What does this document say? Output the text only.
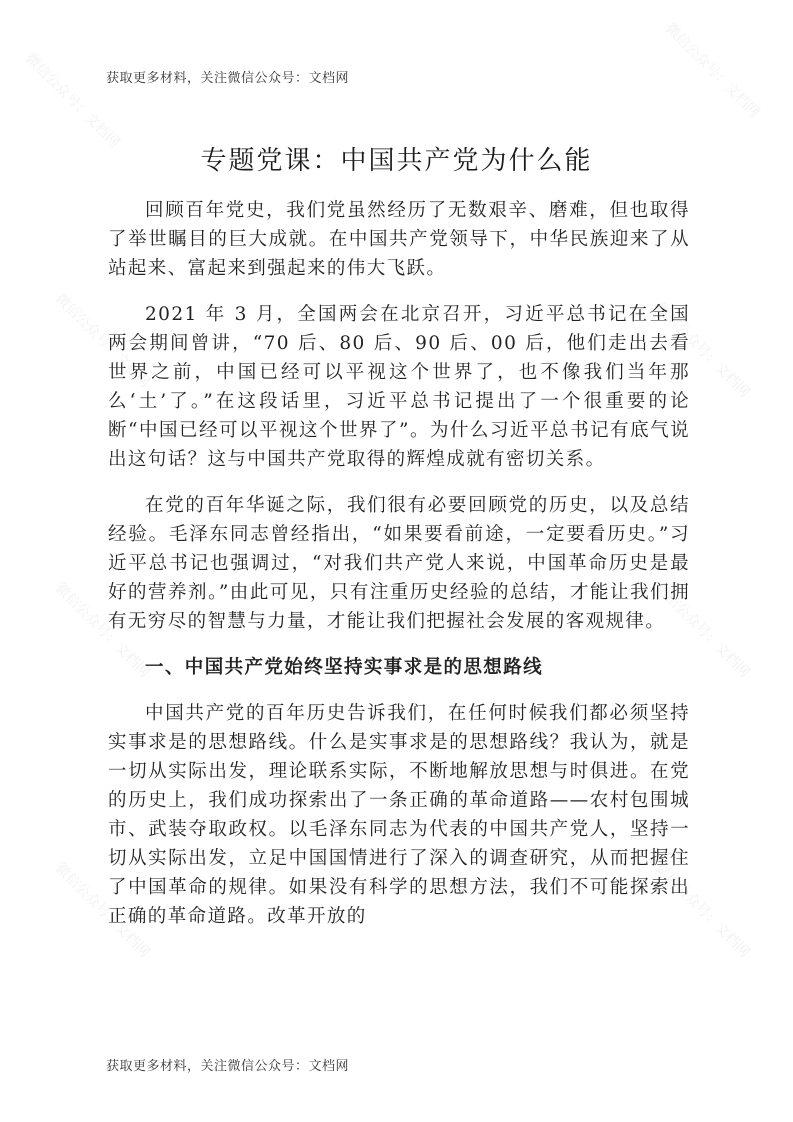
微信公众号：文档网	微信公众号：文档网
微信公众号：文档网	微信公众号：文档网
微信公众号：文档网	微信公众号：文档网
微信公众号：文档网	微信公众号：文档网
获取更多材料，关注微信公众号：文档网
专题党课：中国共产党为什么能

回顾百年党史，我们党虽然经历了无数艰辛、磨难，但也取得了举世瞩目的巨大成就。在中国共产党领导下，中华民族迎来了从站起来、富起来到强起来的伟大飞跃。

2021 年 3 月，全国两会在北京召开，习近平总书记在全国两会期间曾讲，“70 后、80 后、90 后、00 后，他们走出去看世界之前，中国已经可以平视这个世界了，也不像我们当年那么‘土’了。”在这段话里，习近平总书记提出了一个很重要的论断“中国已经可以平视这个世界了”。为什么习近平总书记有底气说出这句话？这与中国共产党取得的辉煌成就有密切关系。

在党的百年华诞之际，我们很有必要回顾党的历史，以及总结经验。毛泽东同志曾经指出，“如果要看前途，一定要看历史。”习近平总书记也强调过，“对我们共产党人来说，中国革命历史是最好的营养剂。”由此可见，只有注重历史经验的总结，才能让我们拥有无穷尽的智慧与力量，才能让我们把握社会发展的客观规律。

一、中国共产党始终坚持实事求是的思想路线

中国共产党的百年历史告诉我们，在任何时候我们都必须坚持实事求是的思想路线。什么是实事求是的思想路线？我认为，就是一切从实际出发，理论联系实际，不断地解放思想与时俱进。在党的历史上，我们成功探索出了一条正确的革命道路——农村包围城市、武装夺取政权。以毛泽东同志为代表的中国共产党人，坚持一切从实际出发，立足中国国情进行了深入的调查研究，从而把握住了中国革命的规律。如果没有科学的思想方法，我们不可能探索出正确的革命道路。改革开放的

获取更多材料，关注微信公众号：文档网
